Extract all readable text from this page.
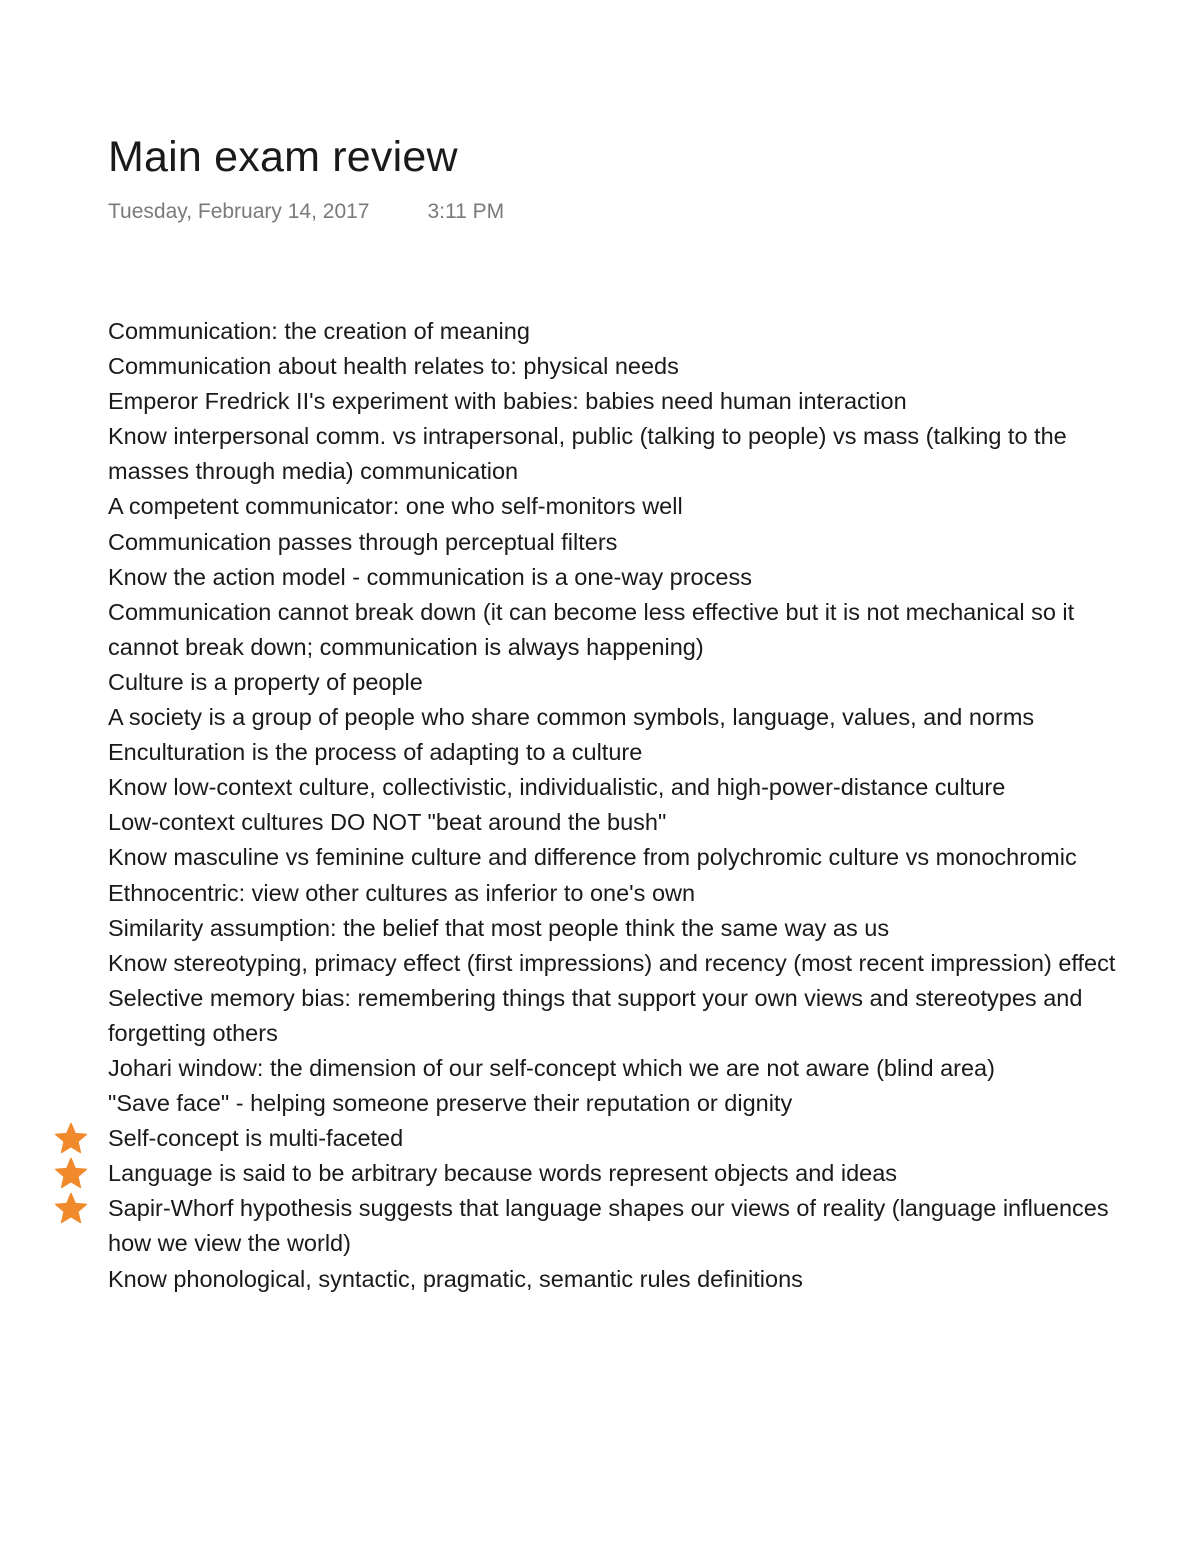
Main exam review
Tuesday, February 14, 2017	3:11 PM
Communication: the creation of meaning
Communication about health relates to: physical needs
Emperor Fredrick II's experiment with babies: babies need human interaction
Know interpersonal comm. vs intrapersonal, public (talking to people) vs mass (talking to the masses through media) communication
A competent communicator: one who self-monitors well
Communication passes through perceptual filters
Know the action model - communication is a one-way process
Communication cannot break down (it can become less effective but it is not mechanical so it cannot break down; communication is always happening)
Culture is a property of people
A society is a group of people who share common symbols, language, values, and norms
Enculturation is the process of adapting to a culture
Know low-context culture, collectivistic, individualistic, and high-power-distance culture
Low-context cultures DO NOT "beat around the bush"
Know masculine vs feminine culture and difference from polychromic culture vs monochromic
Ethnocentric: view other cultures as inferior to one's own
Similarity assumption: the belief that most people think the same way as us
Know stereotyping, primacy effect (first impressions) and recency (most recent impression) effect
Selective memory bias: remembering things that support your own views and stereotypes and forgetting others
Johari window: the dimension of our self-concept which we are not aware (blind area)
"Save face" - helping someone preserve their reputation or dignity
Self-concept is multi-faceted
Language is said to be arbitrary because words represent objects and ideas
Sapir-Whorf hypothesis suggests that language shapes our views of reality (language influences how we view the world)
Know phonological, syntactic, pragmatic, semantic rules definitions
